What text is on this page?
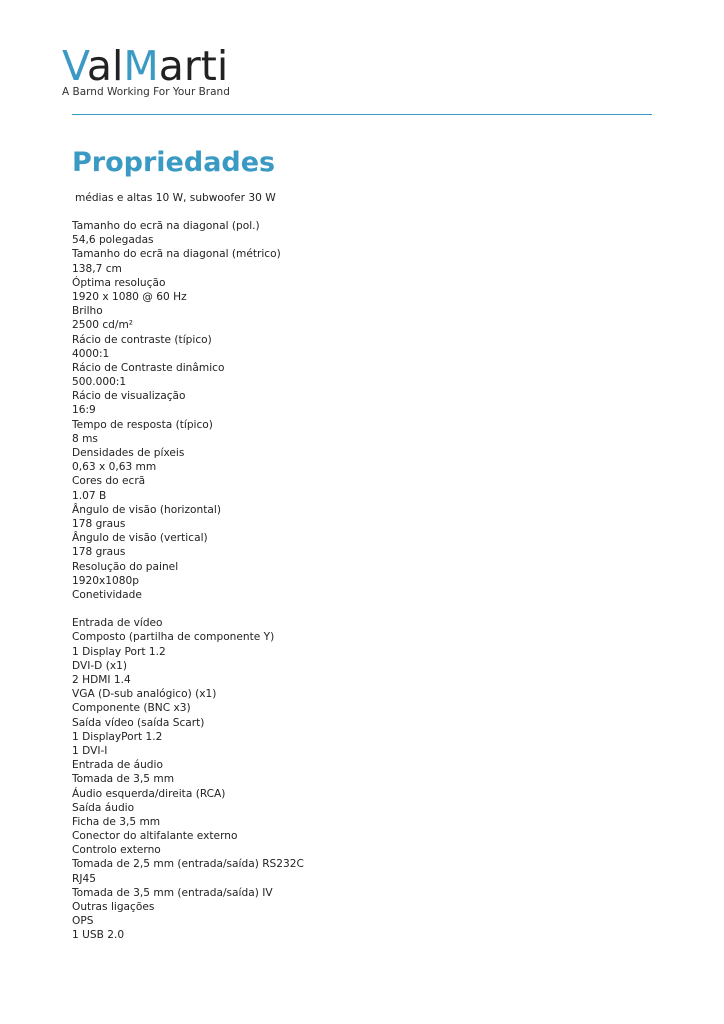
ValMarti
A Barnd Working For Your Brand
Propriedades
médias e altas 10 W, subwoofer 30 W
Tamanho do ecrã na diagonal (pol.)
54,6 polegadas
Tamanho do ecrã na diagonal (métrico)
138,7 cm
Óptima resolução
1920 x 1080 @ 60 Hz
Brilho
2500 cd/m²
Rácio de contraste (típico)
4000:1
Rácio de Contraste dinâmico
500.000:1
Rácio de visualização
16:9
Tempo de resposta (típico)
8 ms
Densidades de píxeis
0,63 x 0,63 mm
Cores do ecrã
1.07 B
Ângulo de visão (horizontal)
178 graus
Ângulo de visão (vertical)
178 graus
Resolução do painel
1920x1080p
Conetividade
Entrada de vídeo
Composto (partilha de componente Y)
1 Display Port 1.2
DVI-D (x1)
2 HDMI 1.4
VGA (D-sub analógico) (x1)
Componente (BNC x3)
Saída vídeo (saída Scart)
1 DisplayPort 1.2
1 DVI-I
Entrada de áudio
Tomada de 3,5 mm
Áudio esquerda/direita (RCA)
Saída áudio
Ficha de 3,5 mm
Conector do altifalante externo
Controlo externo
Tomada de 2,5 mm (entrada/saída) RS232C
RJ45
Tomada de 3,5 mm (entrada/saída) IV
Outras ligações
OPS
1 USB 2.0
